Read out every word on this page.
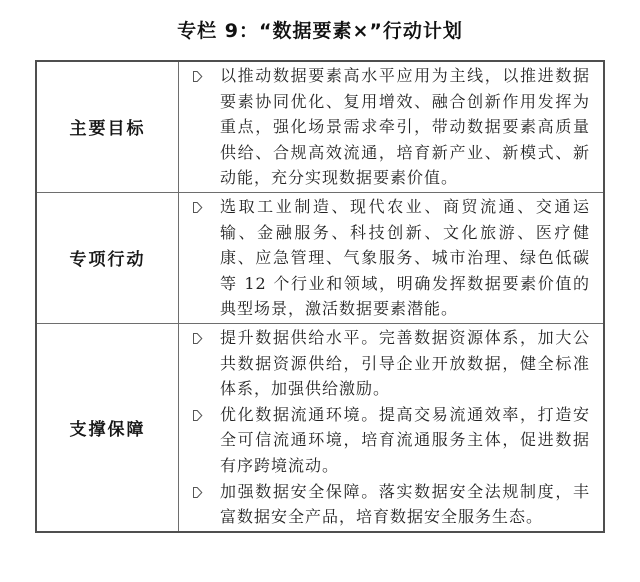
专栏 9：“数据要素×”行动计划
主要目标
以推动数据要素高水平应用为主线，以推进数据要素协同优化、复用增效、融合创新作用发挥为重点，强化场景需求牵引，带动数据要素高质量供给、合规高效流通，培育新产业、新模式、新动能，充分实现数据要素价值。
专项行动
选取工业制造、现代农业、商贸流通、交通运输、金融服务、科技创新、文化旅游、医疗健康、应急管理、气象服务、城市治理、绿色低碳等 12 个行业和领域，明确发挥数据要素价值的典型场景，激活数据要素潜能。
支撑保障
提升数据供给水平。完善数据资源体系，加大公共数据资源供给，引导企业开放数据，健全标准体系，加强供给激励。
优化数据流通环境。提高交易流通效率，打造安全可信流通环境，培育流通服务主体，促进数据有序跨境流动。
加强数据安全保障。落实数据安全法规制度，丰富数据安全产品，培育数据安全服务生态。
